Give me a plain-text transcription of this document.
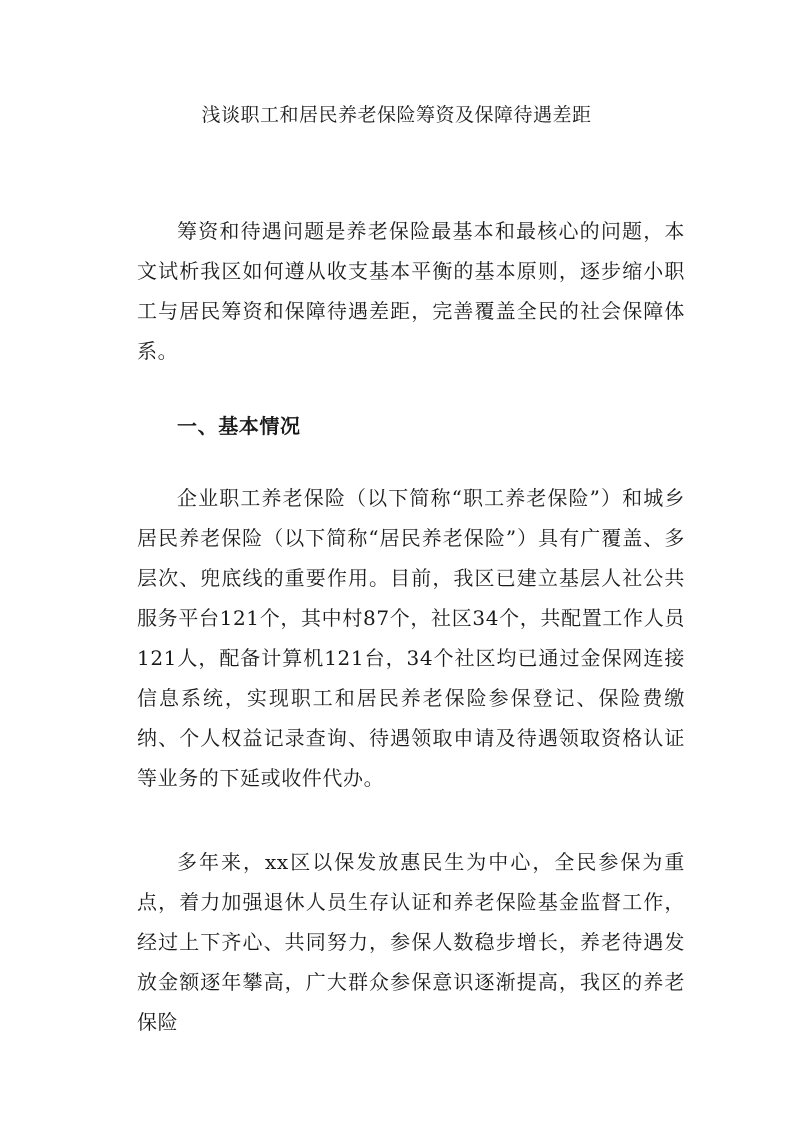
浅谈职工和居民养老保险筹资及保障待遇差距

筹资和待遇问题是养老保险最基本和最核心的问题，本文试析我区如何遵从收支基本平衡的基本原则，逐步缩小职工与居民筹资和保障待遇差距，完善覆盖全民的社会保障体系。

一、基本情况

企业职工养老保险（以下简称“职工养老保险”）和城乡居民养老保险（以下简称“居民养老保险”）具有广覆盖、多层次、兜底线的重要作用。目前，我区已建立基层人社公共服务平台121个，其中村87个，社区34个，共配置工作人员121人，配备计算机121台，34个社区均已通过金保网连接信息系统，实现职工和居民养老保险参保登记、保险费缴纳、个人权益记录查询、待遇领取申请及待遇领取资格认证等业务的下延或收件代办。

多年来，xx区以保发放惠民生为中心，全民参保为重点，着力加强退休人员生存认证和养老保险基金监督工作，经过上下齐心、共同努力，参保人数稳步增长，养老待遇发放金额逐年攀高，广大群众参保意识逐渐提高，我区的养老保险
